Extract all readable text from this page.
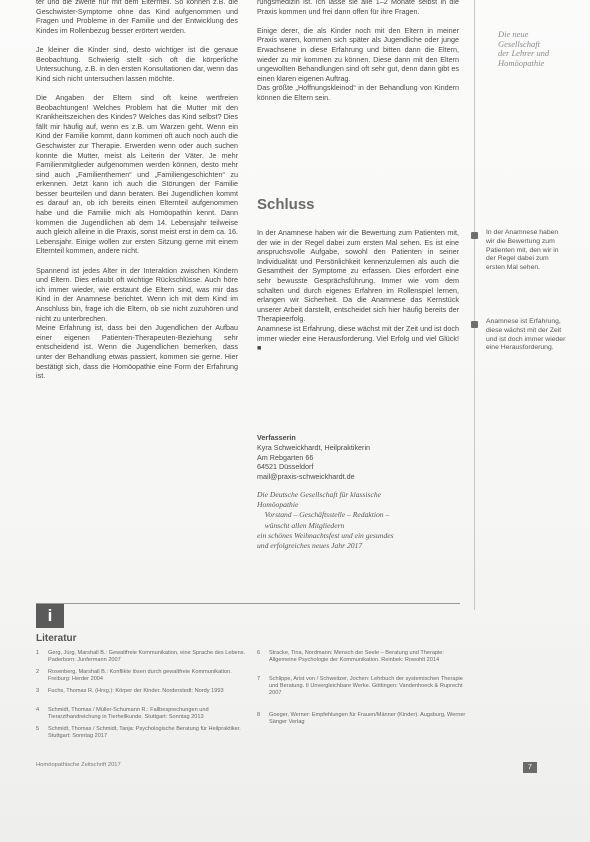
ter und die zweite nur mit dem Elternteil. So können z.B. die Geschwister-Symptome ohne das Kind aufgenommen und Fragen und Probleme in der Familie und der Entwicklung des Kindes im Rollenbezug besser erörtert werden.

Je kleiner die Kinder sind, desto wichtiger ist die genaue Beobachtung. Schwierig stellt sich oft die körperliche Untersuchung, z.B. in den ersten Konsultationen dar, wenn das Kind sich nicht untersuchen lassen möchte.

Die Angaben der Eltern sind oft keine wertfreien Beobachtungen! Welches Problem hat die Mutter mit den Krankheitszeichen des Kindes? Welches das Kind selbst? Dies fällt mir häufig auf, wenn es z.B. um Warzen geht. Wenn ein Kind der Familie kommt, dann kommen oft auch noch auch die Geschwister zur Therapie. Erwerden wenn oder auch suchen konnte die Mutter, meist als Leiterin der Väter. Je mehr Familienmitglieder aufgenommen werden können, desto mehr sind auch „Familienthemen“ und „Familiengeschichten“ zu erkennen. Jetzt kann ich auch die Störungen der Familie besser beurteilen und dann beraten. Bei Jugendlichen kommt es darauf an, ob ich bereits einen Elternteil aufgenommen habe und die Familie mich als Homöopathin kennt. Dann kommen die Jugendlichen ab dem 14. Lebensjahr teilweise auch gleich alleine in die Praxis, sonst meist erst in dem ca. 16. Lebensjahr. Einige wollen zur ersten Sitzung gerne mit einem Elternteil kommen, andere nicht.

Spannend ist jedes Alter in der Interaktion zwischen Kindern und Eltern. Dies erlaubt oft wichtige Rückschlüsse. Auch höre ich immer wieder, wie erstaunt die Eltern sind, was mir das Kind in der Anamnese berichtet. Wenn ich mit dem Kind im Anschluss bin, frage ich die Eltern, ob sie nicht zuzuhören und nicht zu unterbrechen.

Meine Erfahrung ist, dass bei den Jugendlichen der Aufbau einer eigenen Patienten-Therapeuten-Beziehung sehr entscheidend ist. Wenn die Jugendlichen bemerken, dass unter der Behandlung etwas passiert, kommen sie gerne. Hier bestätigt sich, dass die Homöopathie eine Form der Erfahrung ist.

rungsmedizin ist. Ich lasse sie alle 1–2 Monate selbst in die Praxis kommen und frei dann offen für ihre Fragen.

Einige derer, die als Kinder noch mit den Eltern in meiner Praxis waren, kommen sich später als Jugendliche oder junge Erwachsene in diese Erfahrung und bitten dann die Eltern, wieder zu mir kommen zu können. Diese dann mit den Eltern ungewollten Behandlungen sind oft sehr gut, denn dann gibt es einen klaren eigenen Auftrag.

Das größte „Hoffnungskleinod“ in der Behandlung von Kindern können die Eltern sein.

Schluss

In der Anamnese haben wir die Bewertung zum Patienten mit, der wie in der Regel dabei zum ersten Mal sehen. Es ist eine anspruchsvolle Aufgabe, sowohl den Patienten in seiner Individualität und Persönlichkeit kennenzulernen als auch die Gesamtheit der Symptome zu erfassen. Dies erfordert eine sehr bewusste Gesprächsführung. Immer wie vom dem schalten und durch eigenes Erfahren im Rollenspiel lernen, erlangen wir Sicherheit. Da die Anamnese das Kernstück unserer Arbeit darstellt, entscheidet sich hier häufig bereits der Therapieerfolg.

Anamnese ist Erfahrung, diese wächst mit der Zeit und ist doch immer wieder eine Herausforderung. Viel Erfolg und viel Glück! ■

Verfasserin
Kyra Schweickhardt, Heilpraktikerin
Am Rebgarten 66
64521 Düsseldorf
mail@praxis-schweickhardt.de
Die Deutsche Gesellschaft für klassische
Homöopathie
Vorstand – Geschäftsstelle – Redaktion –
wünscht allen Mitgliedern
ein schönes Weihnachtsfest und ein gesundes
und erfolgreiches neues Jahr 2017
Die neue
Gesellschaft
der Lehrer und
Homöopathie
In der Anamnese haben wir die Bewertung zum Patienten mit, den wir in der Regel dabei zum ersten Mal sehen.
Anamnese ist Erfahrung, diese wächst mit der Zeit und ist doch immer wieder eine Herausforderung.
i
Literatur
1 Gerg, Jürg, Marshall B.: Gewaltfreie Kommunikation, eine Sprache des Lebens. Paderborn: Junfermann 2007
2 Rosenberg, Marshall B.: Konflikte lösen durch gewaltfreie Kommunikation. Freiburg: Herder 2004
3 Fuchs, Thomas R. (Hrsg.): Körper der Kinder. Norderstedt: Nordy 1993
4 Schmidt, Thomas / Müller-Schumann R.: Fallbesprechungen und Tierarzthandreichung in Tierheilkunde. Stuttgart: Sonntag 2013
5 Schmidt, Thomas / Schmidt, Tanja: Psychologische Beratung für Heilpraktiker. Stuttgart: Sonntag 2017
6 Stracke, Tina, Nordmann: Mensch der Seele – Beratung und Therapie: Allgemeine Psychologie der Kommunikation. Reinbek: Rowohlt 2014
7 Schlippe, Arist von / Schweitzer, Jochen: Lehrbuch der systemischen Therapie und Beratung. II Unvergleichbare Werke. Göttingen: Vandenhoeck & Ruprecht 2007
8 Goeger, Werner: Empfehlungen für Frauen/Männer (Kinder). Augsburg, Werner Sänger Verlag
Homöopathische Zeitschrift 2017	7
